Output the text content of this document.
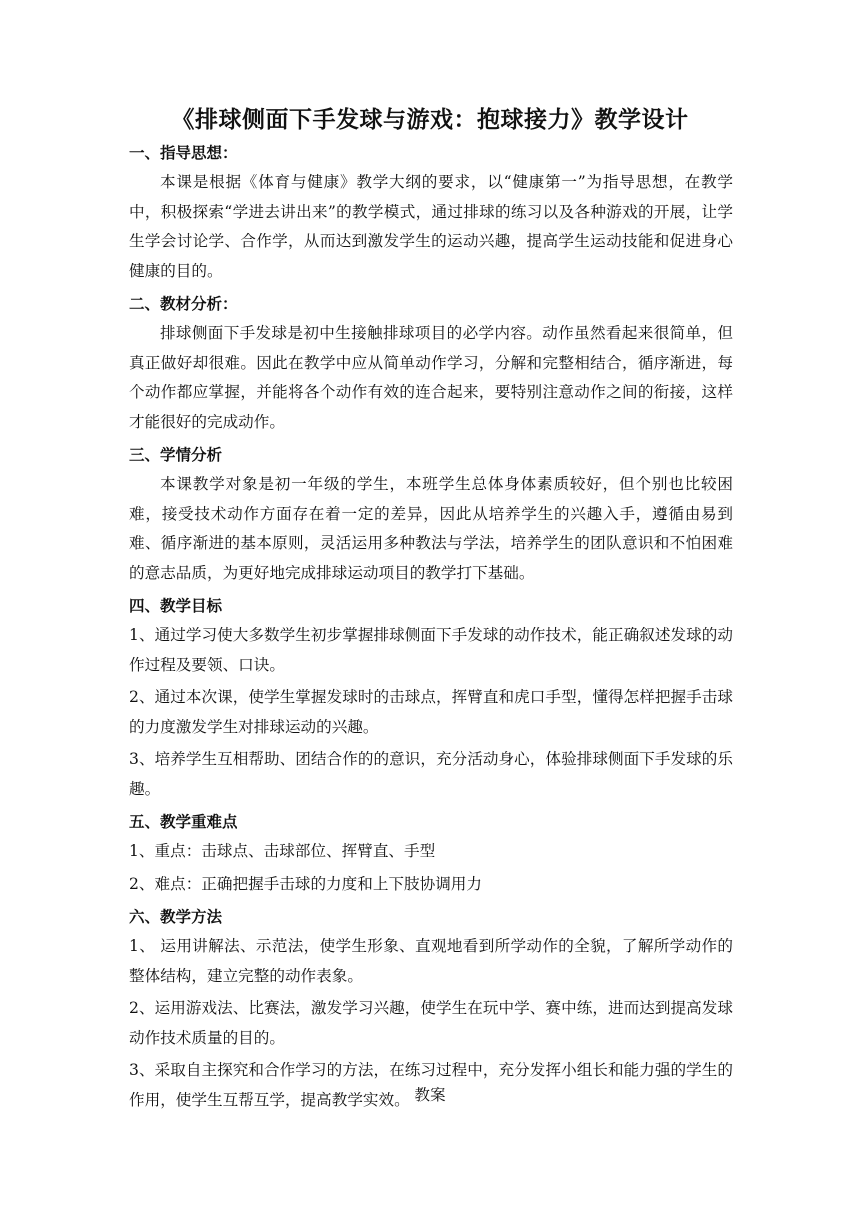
《排球侧面下手发球与游戏：抱球接力》教学设计
一、指导思想：

本课是根据《体育与健康》教学大纲的要求，以“健康第一”为指导思想，在教学中，积极探索“学进去讲出来”的教学模式，通过排球的练习以及各种游戏的开展，让学生学会讨论学、合作学，从而达到激发学生的运动兴趣，提高学生运动技能和促进身心健康的目的。

二、教材分析：

排球侧面下手发球是初中生接触排球项目的必学内容。动作虽然看起来很简单，但真正做好却很难。因此在教学中应从简单动作学习，分解和完整相结合，循序渐进，每个动作都应掌握，并能将各个动作有效的连合起来，要特别注意动作之间的衔接，这样才能很好的完成动作。

三、学情分析

本课教学对象是初一年级的学生，本班学生总体身体素质较好，但个别也比较困难，接受技术动作方面存在着一定的差异，因此从培养学生的兴趣入手，遵循由易到难、循序渐进的基本原则，灵活运用多种教法与学法，培养学生的团队意识和不怕困难的意志品质，为更好地完成排球运动项目的教学打下基础。

四、教学目标

1、通过学习使大多数学生初步掌握排球侧面下手发球的动作技术，能正确叙述发球的动作过程及要领、口诀。

2、通过本次课，使学生掌握发球时的击球点，挥臂直和虎口手型，懂得怎样把握手击球的力度激发学生对排球运动的兴趣。

3、培养学生互相帮助、团结合作的的意识，充分活动身心，体验排球侧面下手发球的乐趣。

五、教学重难点

1、重点：击球点、击球部位、挥臂直、手型

2、难点：正确把握手击球的力度和上下肢协调用力

六、教学方法

1、 运用讲解法、示范法，使学生形象、直观地看到所学动作的全貌，了解所学动作的整体结构，建立完整的动作表象。

2、运用游戏法、比赛法，激发学习兴趣，使学生在玩中学、赛中练，进而达到提高发球动作技术质量的目的。

3、采取自主探究和合作学习的方法，在练习过程中，充分发挥小组长和能力强的学生的作用，使学生互帮互学，提高教学实效。 教案
